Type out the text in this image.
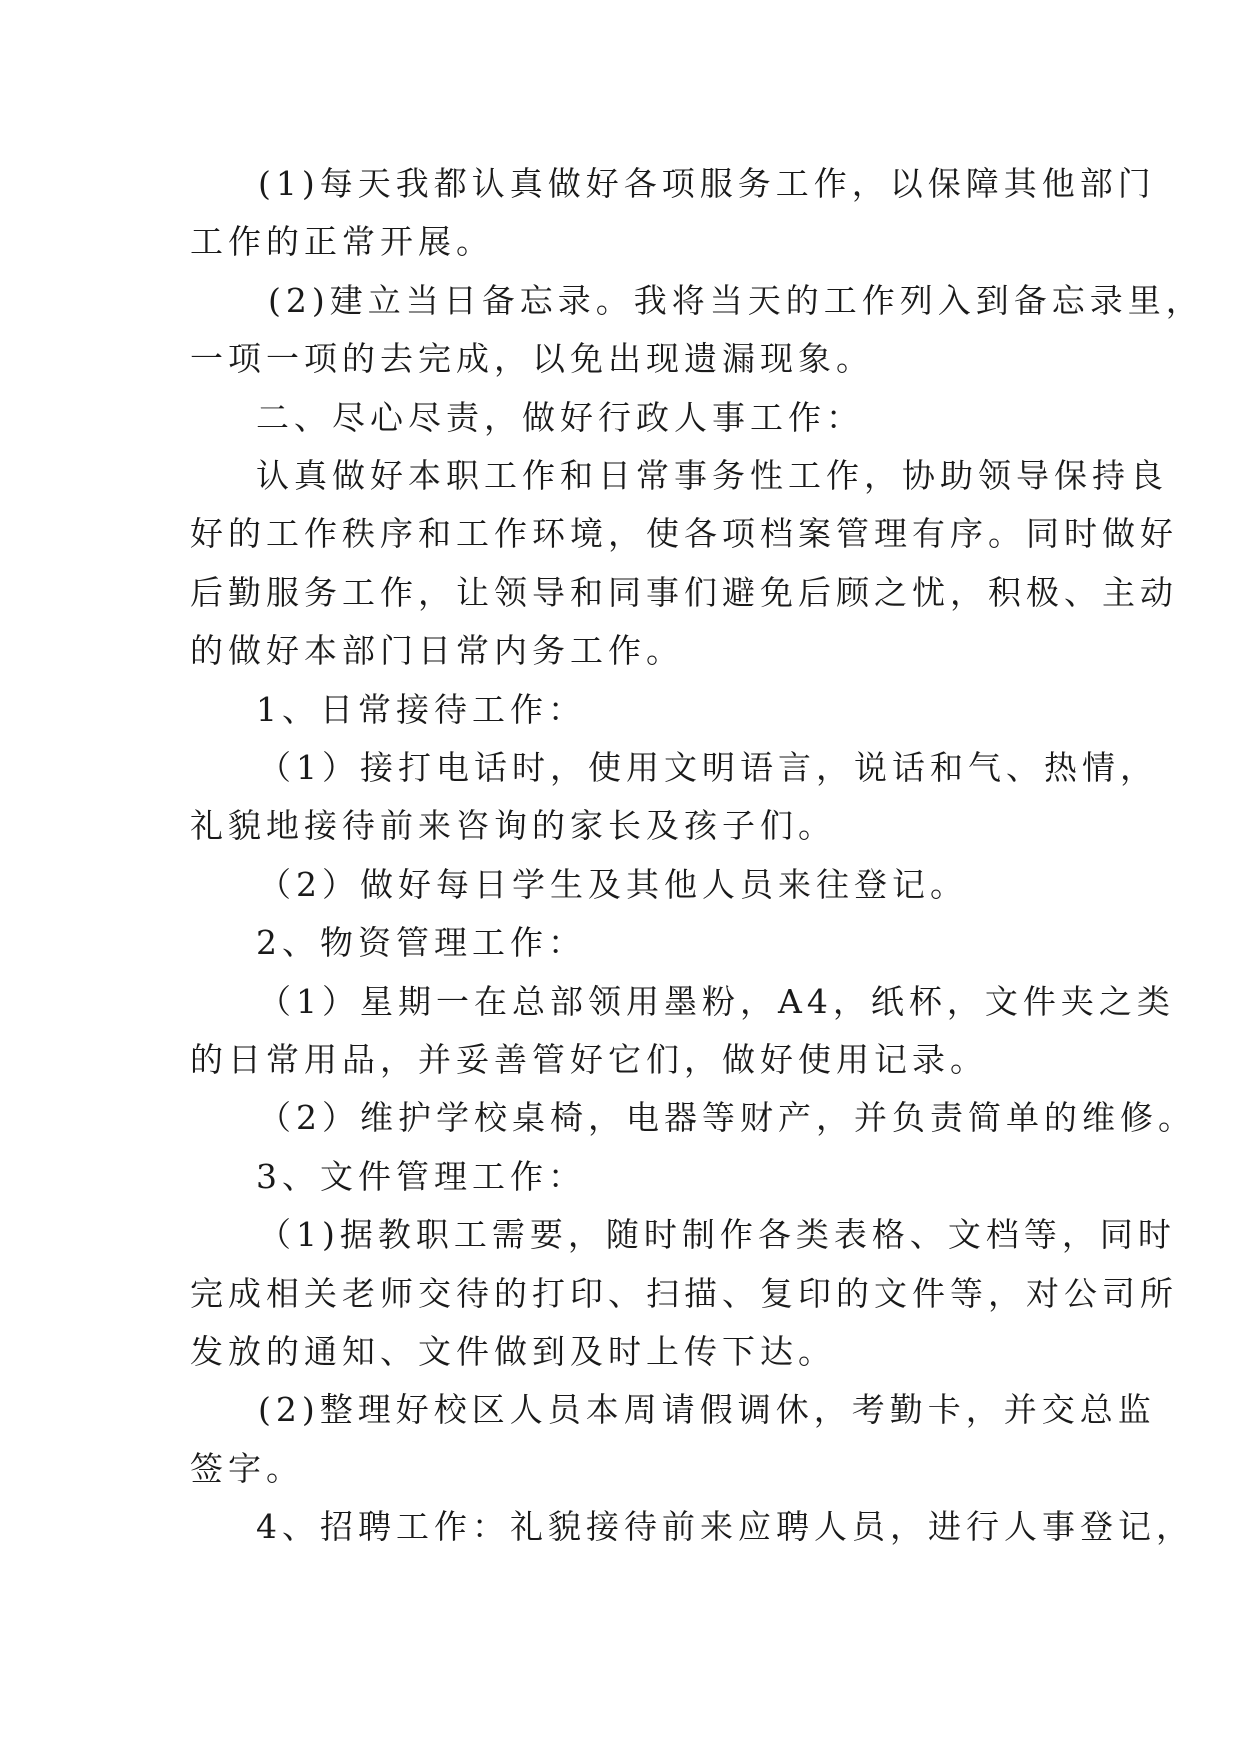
(1)每天我都认真做好各项服务工作，以保障其他部门
工作的正常开展。
(2)建立当日备忘录。我将当天的工作列入到备忘录里，
一项一项的去完成，以免出现遗漏现象。
二、尽心尽责，做好行政人事工作：
认真做好本职工作和日常事务性工作，协助领导保持良
好的工作秩序和工作环境，使各项档案管理有序。同时做好
后勤服务工作，让领导和同事们避免后顾之忧，积极、主动
的做好本部门日常内务工作。
1、日常接待工作：
（1）接打电话时，使用文明语言，说话和气、热情，
礼貌地接待前来咨询的家长及孩子们。
（2）做好每日学生及其他人员来往登记。
2、物资管理工作：
（1）星期一在总部领用墨粉，A4，纸杯，文件夹之类
的日常用品，并妥善管好它们，做好使用记录。
（2）维护学校桌椅，电器等财产，并负责简单的维修。
3、文件管理工作：
（1)据教职工需要，随时制作各类表格、文档等，同时
完成相关老师交待的打印、扫描、复印的文件等，对公司所
发放的通知、文件做到及时上传下达。
(2)整理好校区人员本周请假调休，考勤卡，并交总监
签字。
4、招聘工作：礼貌接待前来应聘人员，进行人事登记，
